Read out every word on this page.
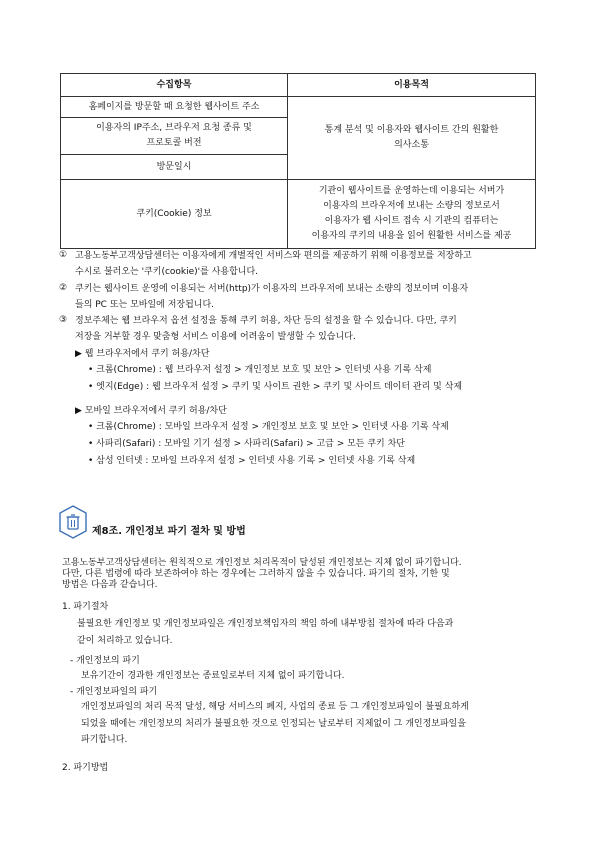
수집항목	이용목적
홈페이지를 방문할 때 요청한 웹사이트 주소	통계 분석 및 이용자와 웹사이트 간의 원활한
의사소통

이용자의 IP주소, 브라우저 요청 종류 및
프로토콜 버전	

방문일시	
쿠키(Cookie) 정보	기관이 웹사이트를 운영하는데 이용되는 서버가
이용자의 브라우저에 보내는 소량의 정보로서
이용자가 웹 사이트 접속 시 기관의 컴퓨터는
이용자의 쿠키의 내용을 읽어 원활한 서비스를 제공
① 고용노동부고객상담센터는 이용자에게 개별적인 서비스와 편의를 제공하기 위해 이용정보를 저장하고
수시로 불러오는 '쿠키(cookie)'를 사용합니다.
② 쿠키는 웹사이트 운영에 이용되는 서버(http)가 이용자의 브라우저에 보내는 소량의 정보이며 이용자
들의 PC 또는 모바일에 저장됩니다.
③ 정보주체는 웹 브라우저 옵션 설정을 통해 쿠키 허용, 차단 등의 설정을 할 수 있습니다. 다만, 쿠키
저장을 거부할 경우 맞춤형 서비스 이용에 어려움이 발생할 수 있습니다.
▶ 웹 브라우저에서 쿠키 허용/차단
• 크롬(Chrome) : 웹 브라우저 설정 > 개인정보 보호 및 보안 > 인터넷 사용 기록 삭제
• 엣지(Edge) : 웹 브라우저 설정 > 쿠키 및 사이트 권한 > 쿠키 및 사이트 데이터 관리 및 삭제
▶ 모바일 브라우저에서 쿠키 허용/차단
• 크롬(Chrome) : 모바일 브라우저 설정 > 개인정보 보호 및 보안 > 인터넷 사용 기록 삭제
• 사파리(Safari) : 모바일 기기 설정 > 사파리(Safari) > 고급 > 모든 쿠키 차단
• 삼성 인터넷 : 모바일 브라우저 설정 > 인터넷 사용 기록 > 인터넷 사용 기록 삭제
제8조. 개인정보 파기 절차 및 방법
고용노동부고객상담센터는 원칙적으로 개인정보 처리목적이 달성된 개인정보는 지체 없이 파기합니다.
다만, 다른 법령에 따라 보존하여야 하는 경우에는 그러하지 않을 수 있습니다. 파기의 절차, 기한 및
방법은 다음과 같습니다.
1. 파기절차
불필요한 개인정보 및 개인정보파일은 개인정보책임자의 책임 하에 내부방침 절차에 따라 다음과
같이 처리하고 있습니다.
- 개인정보의 파기
보유기간이 경과한 개인정보는 종료일로부터 지체 없이 파기합니다.
- 개인정보파일의 파기
개인정보파일의 처리 목적 달성, 해당 서비스의 폐지, 사업의 종료 등 그 개인정보파일이 불필요하게
되었을 때에는 개인정보의 처리가 불필요한 것으로 인정되는 날로부터 지체없이 그 개인정보파일을
파기합니다.
2. 파기방법
